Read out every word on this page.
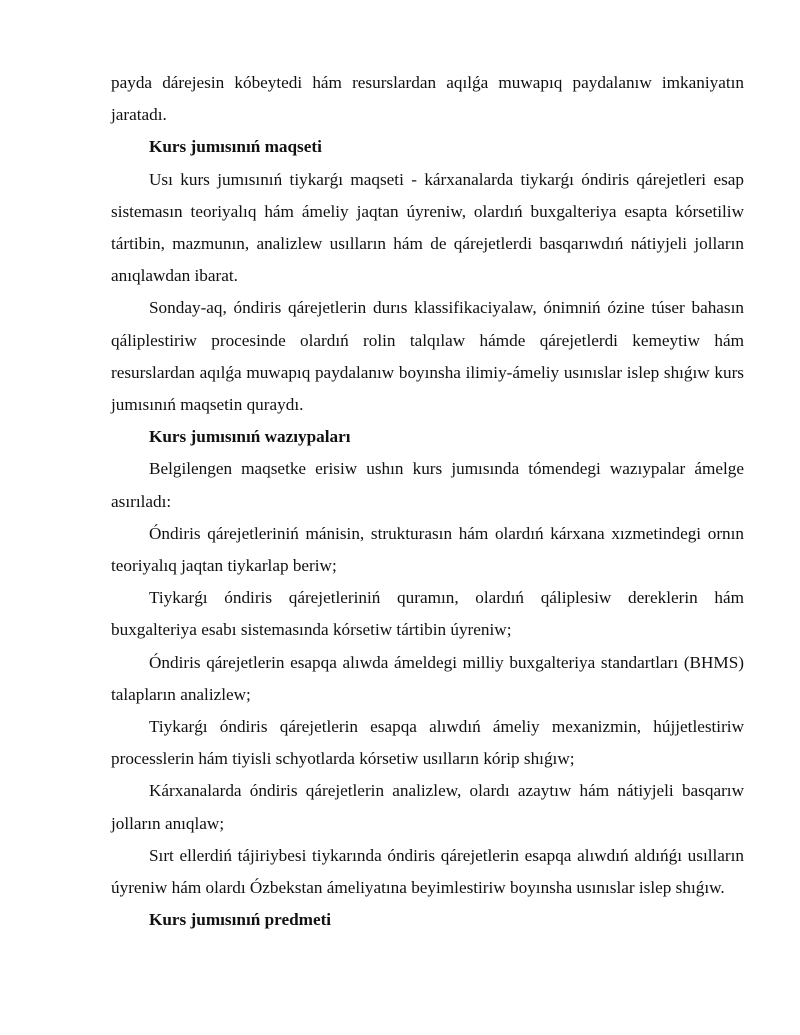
payda dárejesin kóbeytedi hám resurslardan aqılǵa muwapıq paydalanıw imkaniyatın jaratadı.

Kurs jumısınıń maqseti

Usı kurs jumısınıń tiykarǵı maqseti - kárxanalarda tiykarǵı óndiris qárejetleri esap sistemasın teoriyalıq hám ámeliy jaqtan úyreniw, olardıń buxgalteriya esapta kórsetiliw tártibin, mazmunın, analizlew usılların hám de qárejetlerdi basqarıwdıń nátiyjeli jolların anıqlawdan ibarat.

Sonday-aq, óndiris qárejetlerin durıs klassifikaciyalaw, ónimniń ózine túser bahasın qáliplestiriw procesinde olardıń rolin talqılaw hámde qárejetlerdi kemeytiw hám resurslardan aqılǵa muwapıq paydalanıw boyınsha ilimiy-ámeliy usınıslar islep shıǵıw kurs jumısınıń maqsetin quraydı.

Kurs jumısınıń wazıypaları

Belgilengen maqsetke erisiw ushın kurs jumısında tómendegi wazıypalar ámelge asırıladı:

Óndiris qárejetleriniń mánisin, strukturasın hám olardıń kárxana xızmetindegi ornın teoriyalıq jaqtan tiykarlap beriw;

Tiykarǵı óndiris qárejetleriniń quramın, olardıń qáliplesiw dereklerin hám buxgalteriya esabı sistemasında kórsetiw tártibin úyreniw;

Óndiris qárejetlerin esapqa alıwda ámeldegi milliy buxgalteriya standartları (BHMS) talapların analizlew;

Tiykarǵı óndiris qárejetlerin esapqa alıwdıń ámeliy mexanizmin, hújjetlestiriw processlerin hám tiyisli schyotlarda kórsetiw usılların kórip shıǵıw;

Kárxanalarda óndiris qárejetlerin analizlew, olardı azaytıw hám nátiyjeli basqarıw jolların anıqlaw;

Sırt ellerdiń tájiriybesi tiykarında óndiris qárejetlerin esapqa alıwdıń aldıńǵı usılların úyreniw hám olardı Ózbekstan ámeliyatına beyimlestiriw boyınsha usınıslar islep shıǵıw.

Kurs jumısınıń predmeti
